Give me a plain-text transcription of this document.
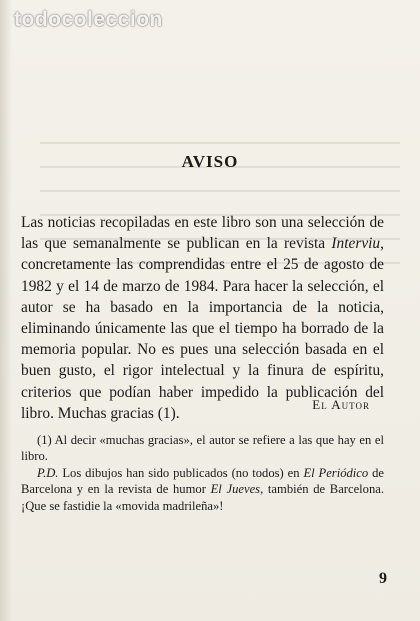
todocoleccion
AVISO
Las noticias recopiladas en este libro son una selección de las que semanalmente se publican en la revista Interviu, concretamente las comprendidas entre el 25 de agosto de 1982 y el 14 de marzo de 1984. Para hacer la selección, el autor se ha basado en la importancia de la noticia, eliminando únicamente las que el tiempo ha borrado de la memoria popular. No es pues una selección basada en el buen gusto, el rigor intelectual y la finura de espíritu, criterios que podían haber impedido la publicación del libro. Muchas gracias (1).
El Autor

(1) Al decir «muchas gracias», el autor se refiere a las que hay en el libro.

P.D. Los dibujos han sido publicados (no todos) en El Periódico de Barcelona y en la revista de humor El Jueves, también de Barcelona. ¡Que se fastidie la «movida madrileña»!

9
